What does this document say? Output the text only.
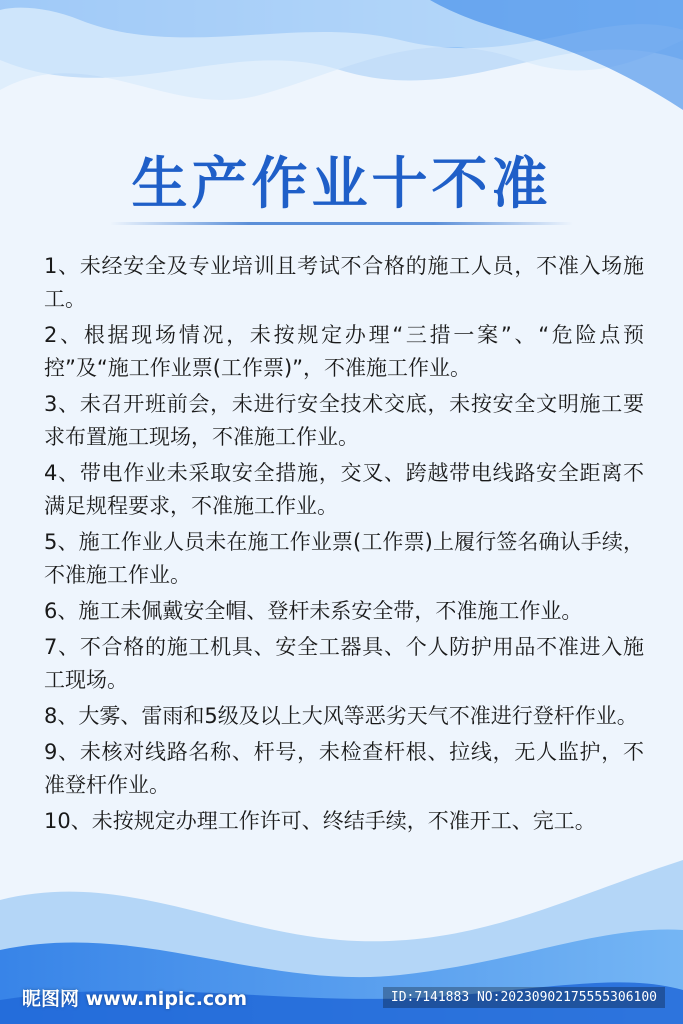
生产作业十不准
1、未经安全及专业培训且考试不合格的施工人员，不准入场施工。
2、根据现场情况，未按规定办理“三措一案”、“危险点预控”及“施工作业票(工作票)”，不准施工作业。
3、未召开班前会，未进行安全技术交底，未按安全文明施工要求布置施工现场，不准施工作业。
4、带电作业未采取安全措施，交叉、跨越带电线路安全距离不满足规程要求，不准施工作业。
5、施工作业人员未在施工作业票(工作票)上履行签名确认手续，不准施工作业。
6、施工未佩戴安全帽、登杆未系安全带，不准施工作业。
7、不合格的施工机具、安全工器具、个人防护用品不准进入施工现场。
8、大雾、雷雨和5级及以上大风等恶劣天气不准进行登杆作业。
9、未核对线路名称、杆号，未检查杆根、拉线，无人监护，不准登杆作业。
10、未按规定办理工作许可、终结手续，不准开工、完工。
昵图网 www.nipic.com	ID:7141883 NO:20230902175555306100
